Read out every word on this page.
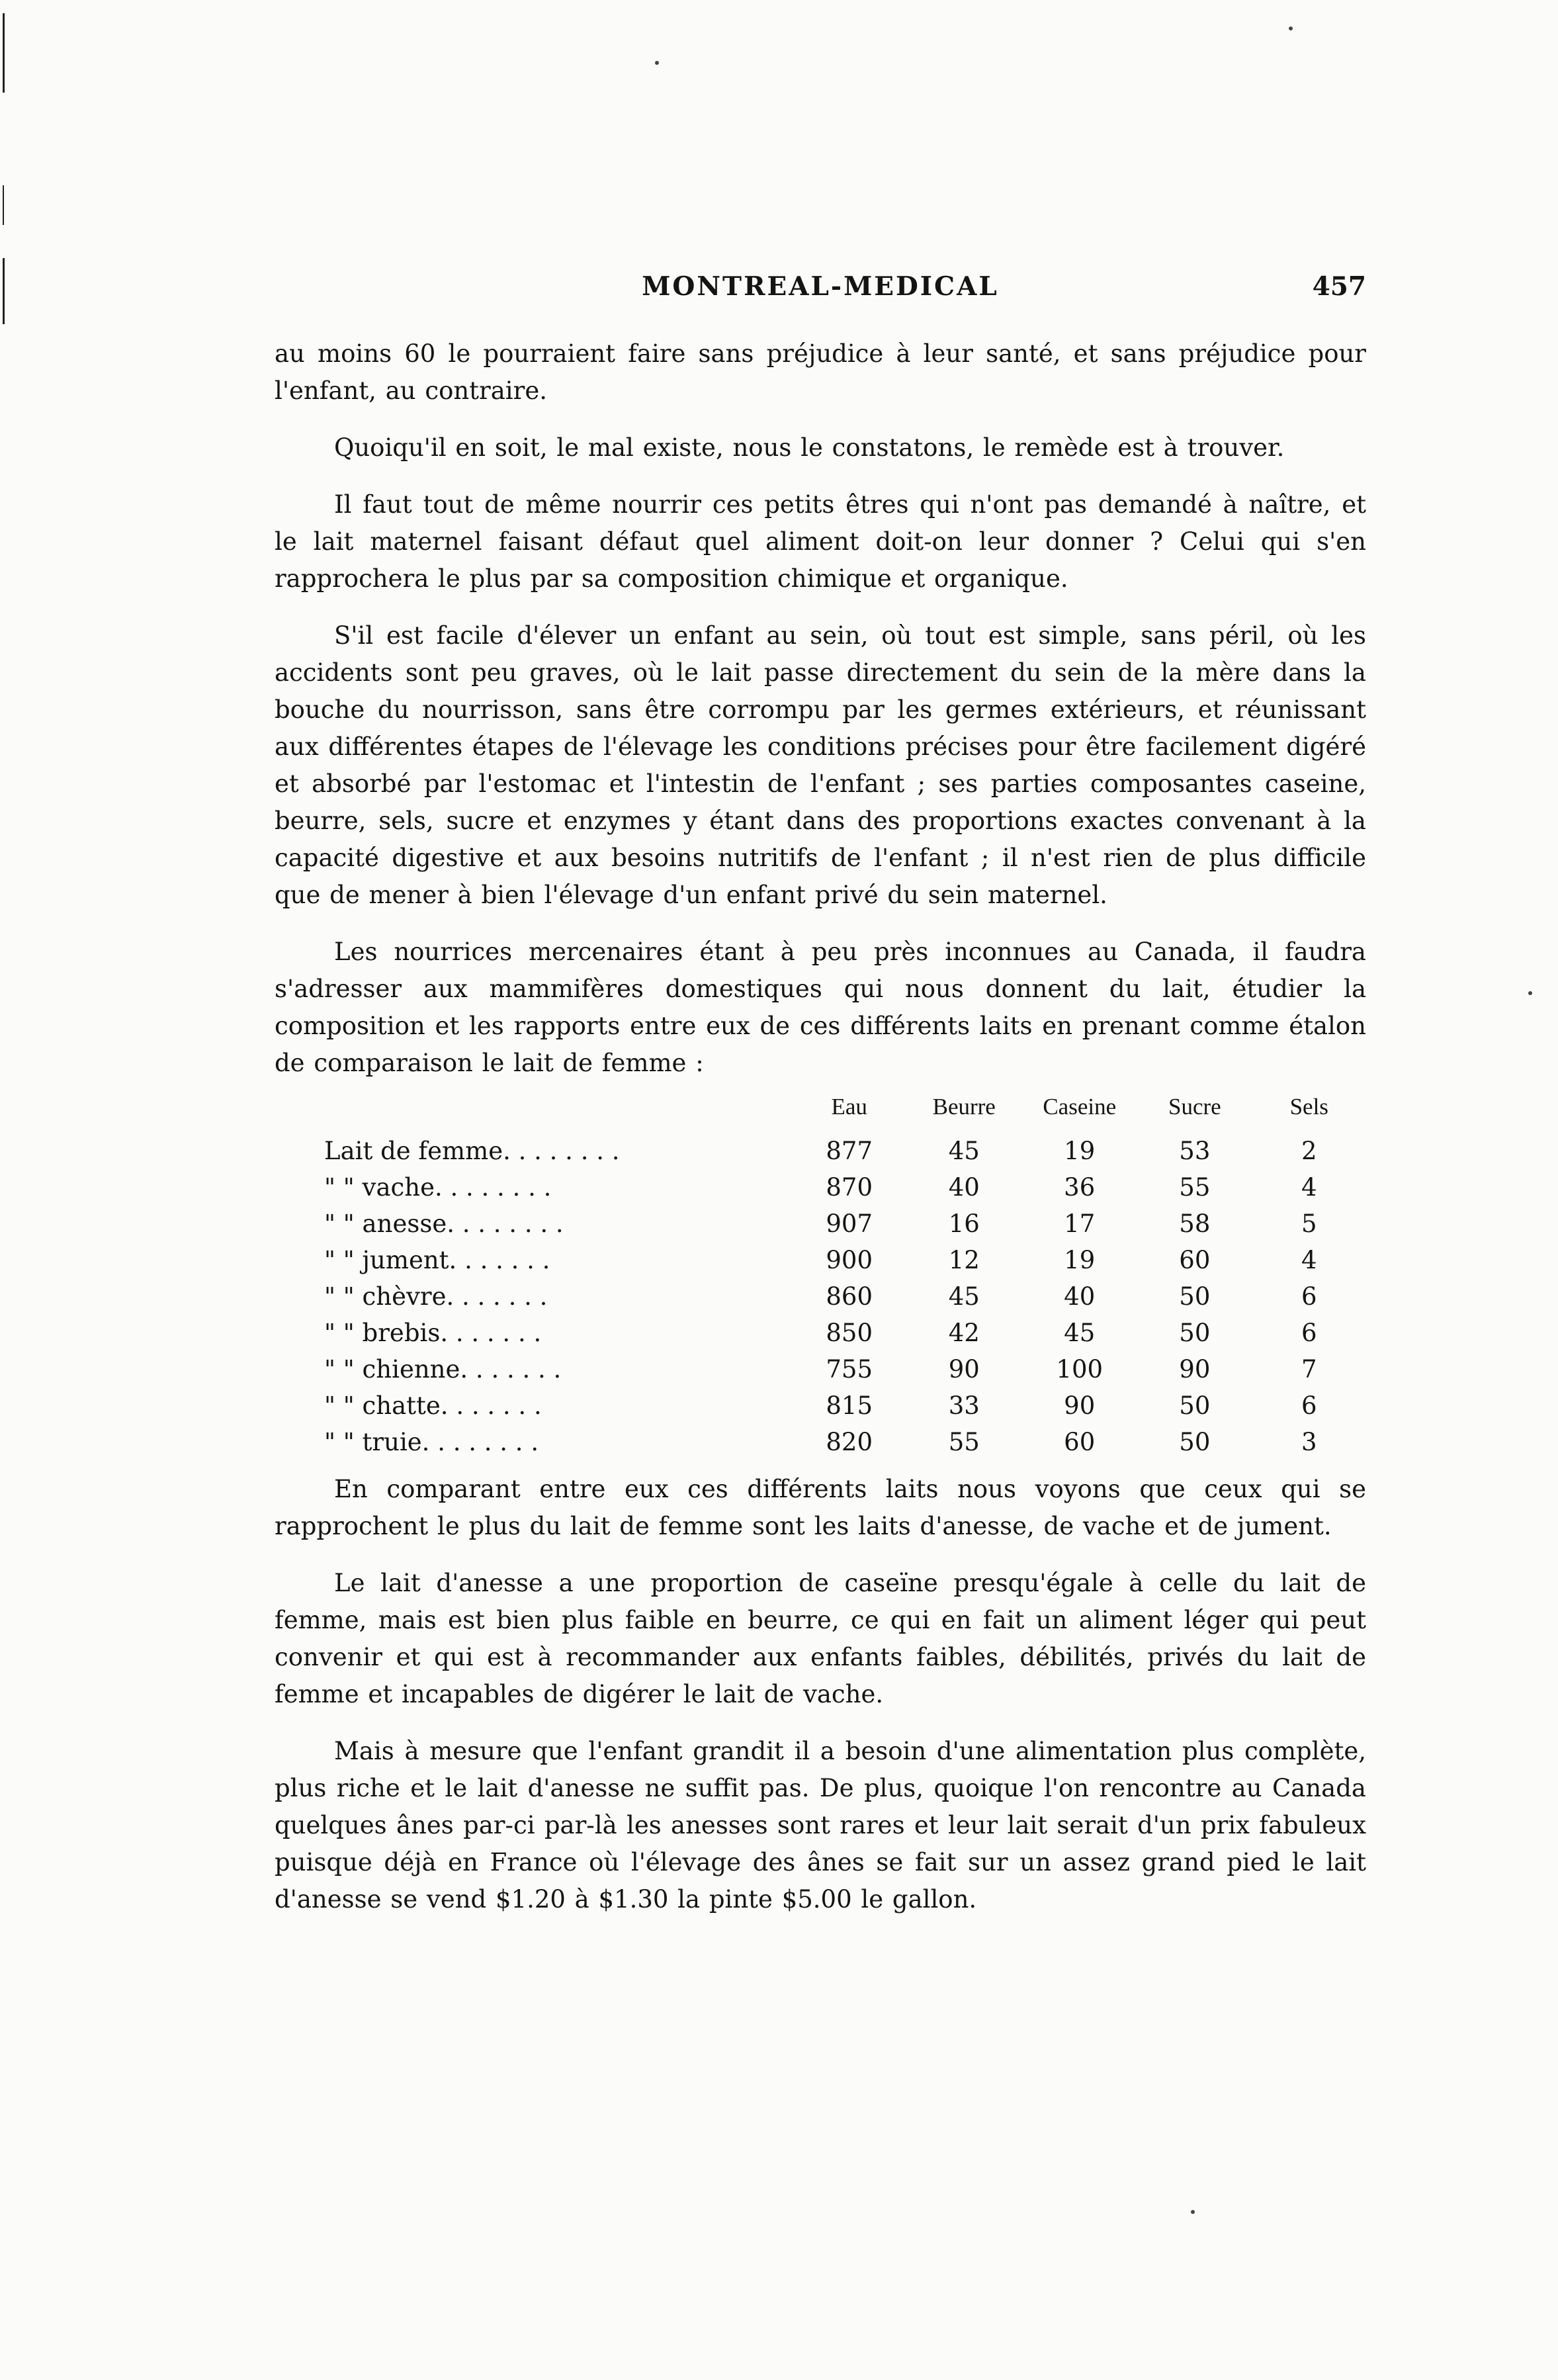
MONTREAL-MEDICAL	457

au moins 60 le pourraient faire sans préjudice à leur santé, et sans préjudice pour l'enfant, au contraire.

Quoiqu'il en soit, le mal existe, nous le constatons, le remède est à trouver.

Il faut tout de même nourrir ces petits êtres qui n'ont pas demandé à naître, et le lait maternel faisant défaut quel aliment doit-on leur donner ? Celui qui s'en rapprochera le plus par sa composition chimique et organique.

S'il est facile d'élever un enfant au sein, où tout est simple, sans péril, où les accidents sont peu graves, où le lait passe directement du sein de la mère dans la bouche du nourrisson, sans être corrompu par les germes extérieurs, et réunissant aux différentes étapes de l'élevage les conditions précises pour être facilement digéré et absorbé par l'estomac et l'intestin de l'enfant ; ses parties composantes caseine, beurre, sels, sucre et enzymes y étant dans des proportions exactes convenant à la capacité digestive et aux besoins nutritifs de l'enfant ; il n'est rien de plus difficile que de mener à bien l'élevage d'un enfant privé du sein maternel.

Les nourrices mercenaires étant à peu près inconnues au Canada, il faudra s'adresser aux mammifères domestiques qui nous donnent du lait, étudier la composition et les rapports entre eux de ces différents laits en prenant comme étalon de comparaison le lait de femme :

	Eau	Beurre	Caseine	Sucre	Sels
Lait de femme. . . . . . . .	877	45	19	53	2
" " vache. . . . . . . .	870	40	36	55	4
" " anesse. . . . . . . .	907	16	17	58	5
" " jument. . . . . . .	900	12	19	60	4
" " chèvre. . . . . . .	860	45	40	50	6
" " brebis. . . . . . .	850	42	45	50	6
" " chienne. . . . . . .	755	90	100	90	7
" " chatte. . . . . . .	815	33	90	50	6
" " truie. . . . . . . .	820	55	60	50	3

En comparant entre eux ces différents laits nous voyons que ceux qui se rapprochent le plus du lait de femme sont les laits d'anesse, de vache et de jument.

Le lait d'anesse a une proportion de caseïne presqu'égale à celle du lait de femme, mais est bien plus faible en beurre, ce qui en fait un aliment léger qui peut convenir et qui est à recommander aux enfants faibles, débilités, privés du lait de femme et incapables de digérer le lait de vache.

Mais à mesure que l'enfant grandit il a besoin d'une alimentation plus complète, plus riche et le lait d'anesse ne suffit pas. De plus, quoique l'on rencontre au Canada quelques ânes par-ci par-là les anesses sont rares et leur lait serait d'un prix fabuleux puisque déjà en France où l'élevage des ânes se fait sur un assez grand pied le lait d'anesse se vend $1.20 à $1.30 la pinte $5.00 le gallon.
